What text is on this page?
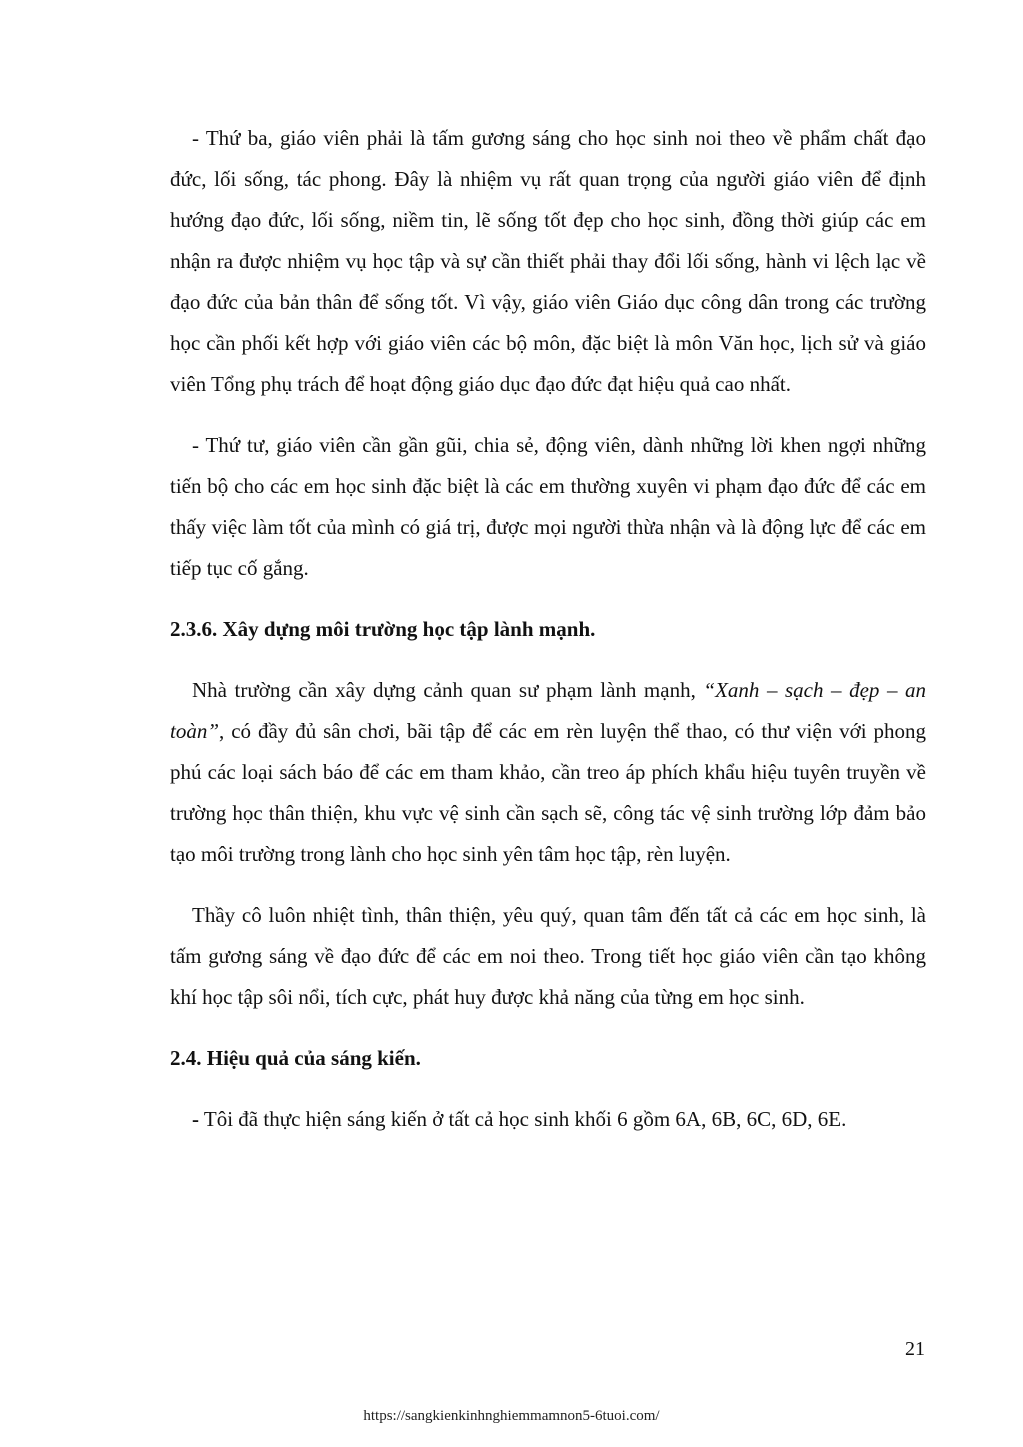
- Thứ ba, giáo viên phải là tấm gương sáng cho học sinh noi theo về phẩm chất đạo đức, lối sống, tác phong. Đây là nhiệm vụ rất quan trọng của người giáo viên để định hướng đạo đức, lối sống, niềm tin, lẽ sống tốt đẹp cho học sinh, đồng thời giúp các em nhận ra được nhiệm vụ học tập và sự cần thiết phải thay đổi lối sống, hành vi lệch lạc về đạo đức của bản thân để sống tốt. Vì vậy, giáo viên Giáo dục công dân trong các trường học cần phối kết hợp với giáo viên các bộ môn, đặc biệt là môn Văn học, lịch sử và giáo viên Tổng phụ trách để hoạt động giáo dục đạo đức đạt hiệu quả cao nhất.

- Thứ tư, giáo viên cần gần gũi, chia sẻ, động viên, dành những lời khen ngợi những tiến bộ cho các em học sinh đặc biệt là các em thường xuyên vi phạm đạo đức để các em thấy việc làm tốt của mình có giá trị, được mọi người thừa nhận và là động lực để các em tiếp tục cố gắng.

2.3.6. Xây dựng môi trường học tập lành mạnh.

Nhà trường cần xây dựng cảnh quan sư phạm lành mạnh, “Xanh – sạch – đẹp – an toàn”, có đầy đủ sân chơi, bãi tập để các em rèn luyện thể thao, có thư viện với phong phú các loại sách báo để các em tham khảo, cần treo áp phích khẩu hiệu tuyên truyền về trường học thân thiện, khu vực vệ sinh cần sạch sẽ, công tác vệ sinh trường lớp đảm bảo tạo môi trường trong lành cho học sinh yên tâm học tập, rèn luyện.

Thầy cô luôn nhiệt tình, thân thiện, yêu quý, quan tâm đến tất cả các em học sinh, là tấm gương sáng về đạo đức để các em noi theo. Trong tiết học giáo viên cần tạo không khí học tập sôi nổi, tích cực, phát huy được khả năng của từng em học sinh.

2.4. Hiệu quả của sáng kiến.

- Tôi đã thực hiện sáng kiến ở tất cả học sinh khối 6 gồm 6A, 6B, 6C, 6D, 6E.

21
https://sangkienkinhnghiemmamnon5-6tuoi.com/
